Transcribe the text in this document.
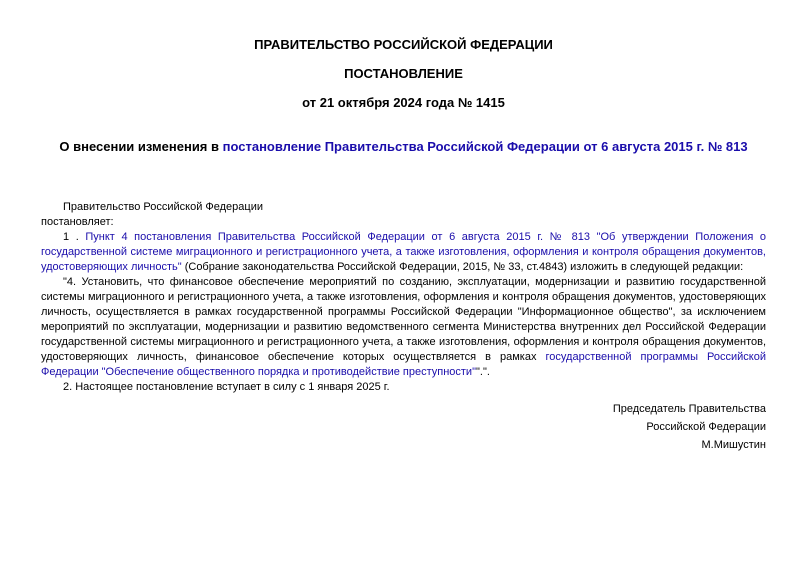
ПРАВИТЕЛЬСТВО РОССИЙСКОЙ ФЕДЕРАЦИИ

ПОСТАНОВЛЕНИЕ

от 21 октября 2024 года № 1415

О внесении изменения в постановление Правительства Российской Федерации от 6 августа 2015 г. № 813

Правительство Российской Федерации

постановляет:

1 . Пункт 4 постановления Правительства Российской Федерации от 6 августа 2015 г. № 813 "Об утверждении Положения о государственной системе миграционного и регистрационного учета, а также изготовления, оформления и контроля обращения документов, удостоверяющих личность" (Собрание законодательства Российской Федерации, 2015, № 33, ст.4843) изложить в следующей редакции:

"4. Установить, что финансовое обеспечение мероприятий по созданию, эксплуатации, модернизации и развитию государственной системы миграционного и регистрационного учета, а также изготовления, оформления и контроля обращения документов, удостоверяющих личность, осуществляется в рамках государственной программы Российской Федерации "Информационное общество", за исключением мероприятий по эксплуатации, модернизации и развитию ведомственного сегмента Министерства внутренних дел Российской Федерации государственной системы миграционного и регистрационного учета, а также изготовления, оформления и контроля обращения документов, удостоверяющих личность, финансовое обеспечение которых осуществляется в рамках государственной программы Российской Федерации "Обеспечение общественного порядка и противодействие преступности"".".

2. Настоящее постановление вступает в силу с 1 января 2025 г.

Председатель Правительства

Российской Федерации

М.Мишустин
